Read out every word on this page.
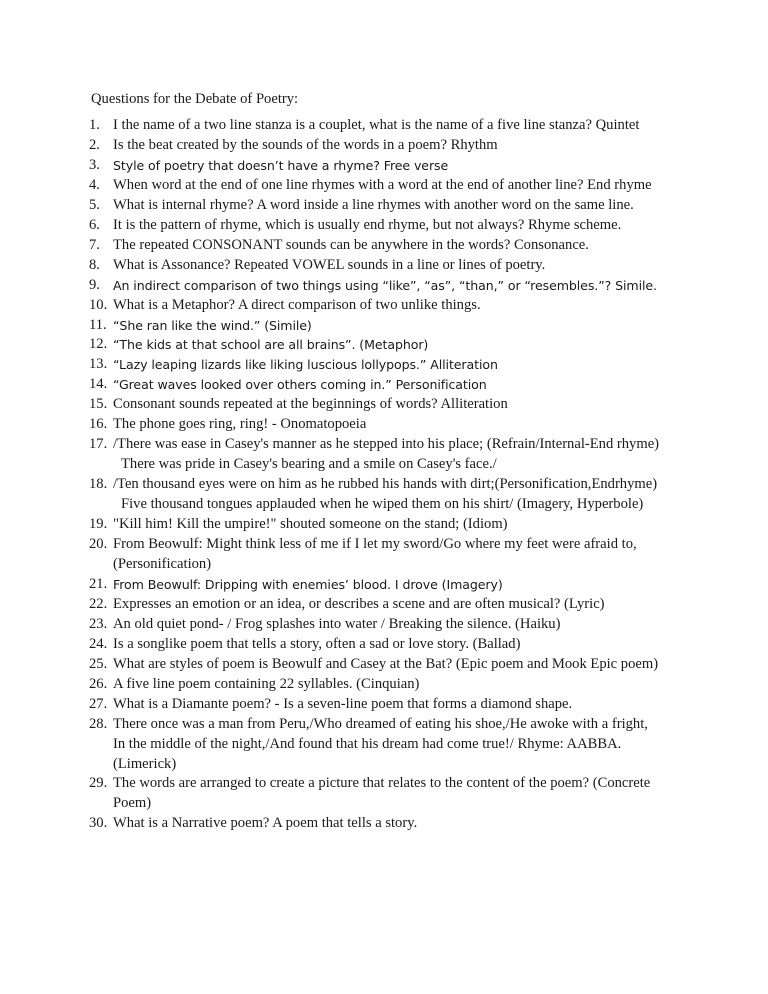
Questions for the Debate of Poetry:
1. I the name of a two line stanza is a couplet, what is the name of a five line stanza? Quintet
2. Is the beat created by the sounds of the words in a poem? Rhythm
3. Style of poetry that doesn’t have a rhyme? Free verse
4. When word at the end of one line rhymes with a word at the end of another line? End rhyme
5. What is internal rhyme? A word inside a line rhymes with another word on the same line.
6. It is the pattern of rhyme, which is usually end rhyme, but not always? Rhyme scheme.
7. The repeated CONSONANT sounds can be anywhere in the words? Consonance.
8. What is Assonance? Repeated VOWEL sounds in a line or lines of poetry.
9. An indirect comparison of two things using “like”, “as”, “than,” or “resembles.”? Simile.
10. What is a Metaphor? A direct comparison of two unlike things.
11. “She ran like the wind.” (Simile)
12. “The kids at that school are all brains”. (Metaphor)
13. “Lazy leaping lizards like liking luscious lollypops.” Alliteration
14. “Great waves looked over others coming in.” Personification
15. Consonant sounds repeated at the beginnings of words? Alliteration
16. The phone goes ring, ring! - Onomatopoeia
17. /There was ease in Casey's manner as he stepped into his place; (Refrain/Internal-End rhyme)
There was pride in Casey's bearing and a smile on Casey's face./
18. /Ten thousand eyes were on him as he rubbed his hands with dirt;(Personification,Endrhyme)
Five thousand tongues applauded when he wiped them on his shirt/ (Imagery, Hyperbole)
19. "Kill him! Kill the umpire!" shouted someone on the stand; (Idiom)
20. From Beowulf: Might think less of me if I let my sword/Go where my feet were afraid to,
(Personification)
21. From Beowulf: Dripping with enemies’ blood. I drove (Imagery)
22. Expresses an emotion or an idea, or describes a scene and are often musical? (Lyric)
23. An old quiet pond- / Frog splashes into water / Breaking the silence. (Haiku)
24. Is a songlike poem that tells a story, often a sad or love story. (Ballad)
25. What are styles of poem is Beowulf and Casey at the Bat? (Epic poem and Mook Epic poem)
26. A five line poem containing 22 syllables. (Cinquian)
27. What is a Diamante poem? - Is a seven-line poem that forms a diamond shape.
28. There once was a man from Peru,/Who dreamed of eating his shoe,/He awoke with a fright,
In the middle of the night,/And found that his dream had come true!/ Rhyme: AABBA.
(Limerick)
29. The words are arranged to create a picture that relates to the content of the poem? (Concrete
Poem)
30. What is a Narrative poem? A poem that tells a story.
